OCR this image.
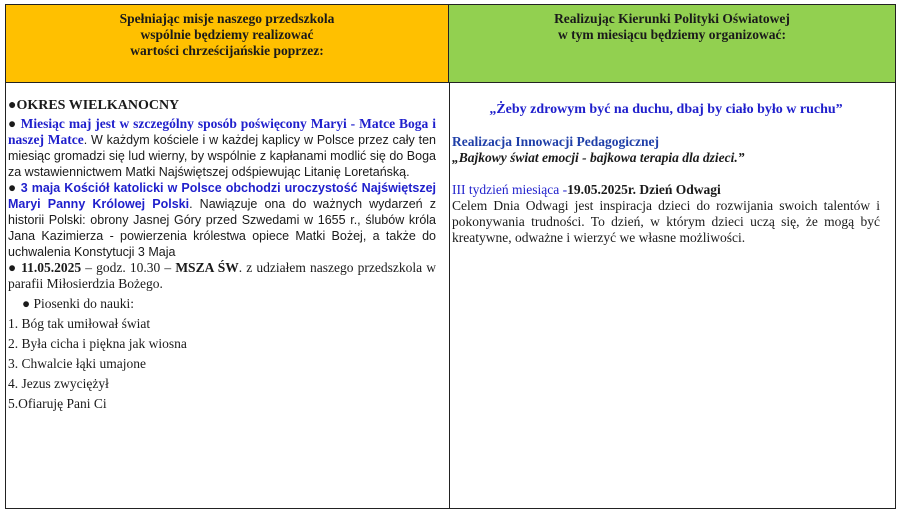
Spełniając misje naszego przedszkola
wspólnie będziemy realizować
wartości chrześcijańskie poprzez:
Realizując Kierunki Polityki Oświatowej
w tym miesiącu będziemy organizować:

●OKRES WIELKANOCNY

● Miesiąc maj jest w szczególny sposób poświęcony Maryi - Matce Boga i naszej Matce. W każdym kościele i w każdej kaplicy w Polsce przez cały ten miesiąc gromadzi się lud wierny, by wspólnie z kapłanami modlić się do Boga za wstawiennictwem Matki Najświętszej odśpiewując Litanię Loretańską.

● 3 maja Kościół katolicki w Polsce obchodzi uroczystość Najświętszej Maryi Panny Królowej Polski. Nawiązuje ona do ważnych wydarzeń z historii Polski: obrony Jasnej Góry przed Szwedami w 1655 r., ślubów króla Jana Kazimierza - powierzenia królestwa opiece Matki Bożej, a także do uchwalenia Konstytucji 3 Maja

● 11.05.2025 – godz. 10.30 – MSZA ŚW. z udziałem naszego przedszkola w parafii Miłosierdzia Bożego.

● Piosenki do nauki:
1. Bóg tak umiłował świat
2. Była cicha i piękna jak wiosna
3. Chwalcie łąki umajone
4. Jezus zwyciężył
5.Ofiaruję Pani Ci

„Żeby zdrowym być na duchu, dbaj by ciało było w ruchu”

Realizacja Innowacji Pedagogicznej

„Bajkowy świat emocji - bajkowa terapia dla dzieci.”

III tydzień miesiąca -19.05.2025r. Dzień Odwagi

Celem Dnia Odwagi jest inspiracja dzieci do rozwijania swoich talentów i pokonywania trudności. To dzień, w którym dzieci uczą się, że mogą być kreatywne, odważne i wierzyć we własne możliwości.
